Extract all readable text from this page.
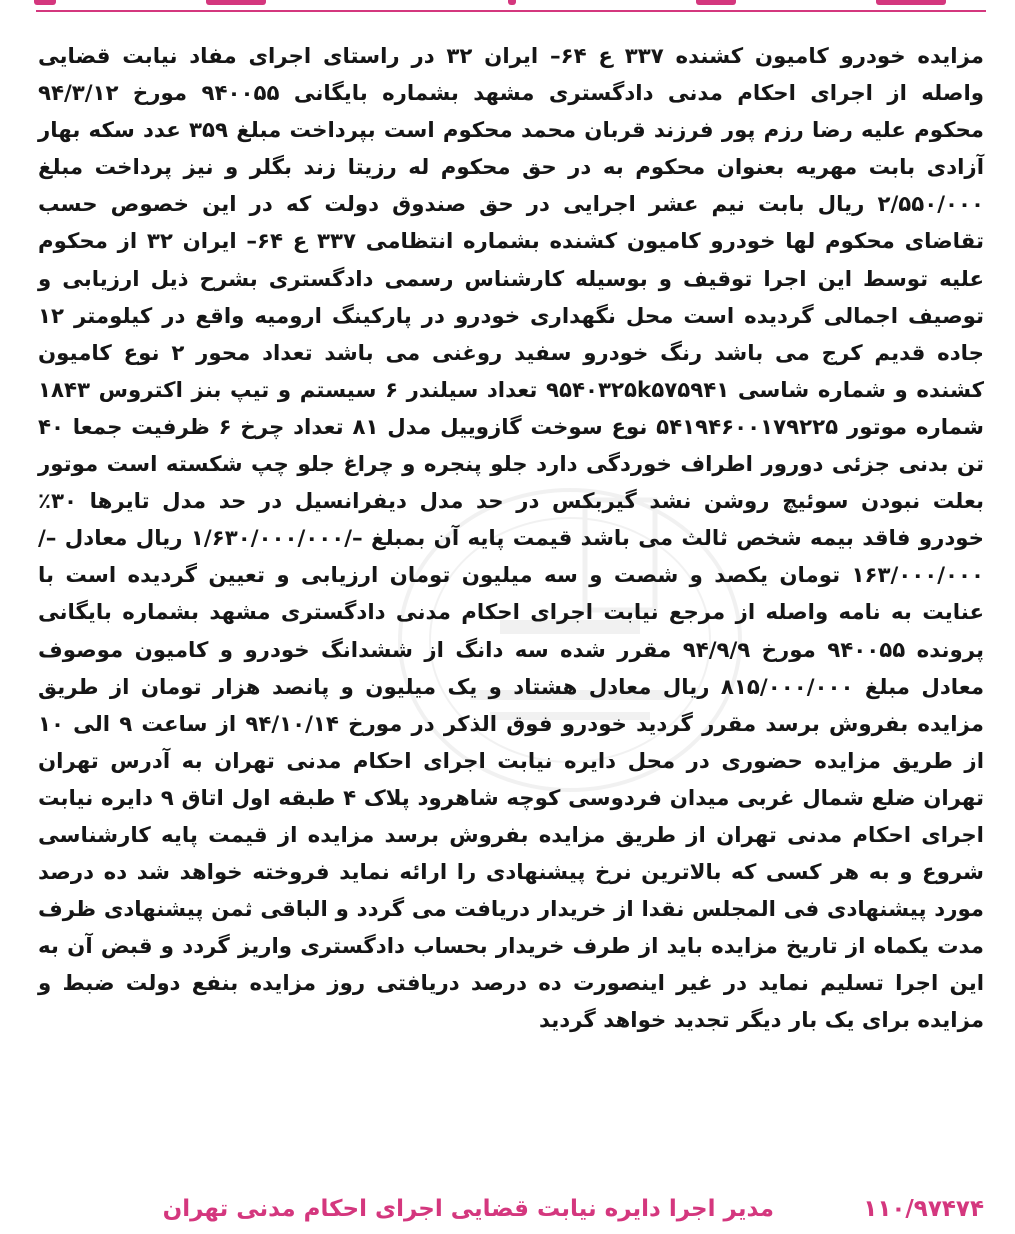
مزایده خودرو کامیون کشنده ۳۳۷ ع ۶۴– ایران ۳۲ در راستای اجرای مفاد نیابت قضایی واصله از اجرای احکام مدنی دادگستری مشهد بشماره بایگانی ۹۴۰۰۵۵ مورخ ۹۴/۳/۱۲ محکوم علیه رضا رزم پور فرزند قربان محمد محکوم است بپرداخت مبلغ ۳۵۹ عدد سکه بهار آزادی بابت مهریه بعنوان محکوم به در حق محکوم له رزیتا زند بگلر و نیز پرداخت مبلغ ۲/۵۵۰/۰۰۰ ریال بابت نیم عشر اجرایی در حق صندوق دولت که در این خصوص حسب تقاضای محکوم لها خودرو کامیون کشنده بشماره انتظامی ۳۳۷ ع ۶۴– ایران ۳۲ از محکوم علیه توسط این اجرا توقیف و بوسیله کارشناس رسمی دادگستری بشرح ذیل ارزیابی و توصیف اجمالی گردیده است محل نگهداری خودرو در پارکینگ ارومیه واقع در کیلومتر ۱۲ جاده قدیم کرج می باشد رنگ خودرو سفید روغنی می باشد تعداد محور ۲ نوع کامیون کشنده و شماره شاسی ۹۵۴۰۳۲۵k۵۷۵۹۴۱ تعداد سیلندر ۶ سیستم و تیپ بنز اکتروس ۱۸۴۳ شماره موتور ۵۴۱۹۴۶۰۰۱۷۹۲۲۵ نوع سوخت گازوییل مدل ۸۱ تعداد چرخ ۶ ظرفیت جمعا ۴۰ تن بدنی جزئی دورور اطراف خوردگی دارد جلو پنجره و چراغ جلو چپ شکسته است موتور بعلت نبودن سوئیچ روشن نشد گیربکس در حد مدل دیفرانسیل در حد مدل تایرها ۳۰٪ خودرو فاقد بیمه شخص ثالث می باشد قیمت پایه آن بمبلغ –/۱/۶۳۰/۰۰۰/۰۰۰ ریال معادل –/۱۶۳/۰۰۰/۰۰۰ تومان یکصد و شصت و سه میلیون تومان ارزیابی و تعیین گردیده است با عنایت به نامه واصله از مرجع نیابت اجرای احکام مدنی دادگستری مشهد بشماره بایگانی پرونده ۹۴۰۰۵۵ مورخ ۹۴/۹/۹ مقرر شده سه دانگ از ششدانگ خودرو و کامیون موصوف معادل مبلغ ۸۱۵/۰۰۰/۰۰۰ ریال معادل هشتاد و یک میلیون و پانصد هزار تومان از طریق مزایده بفروش برسد مقرر گردید خودرو فوق الذکر در مورخ ۹۴/۱۰/۱۴ از ساعت ۹ الی ۱۰ از طریق مزایده حضوری در محل دایره نیابت اجرای احکام مدنی تهران به آدرس تهران تهران ضلع شمال غربی میدان فردوسی کوچه شاهرود پلاک ۴ طبقه اول اتاق ۹ دایره نیابت اجرای احکام مدنی تهران از طریق مزایده بفروش برسد مزایده از قیمت پایه کارشناسی شروع و به هر کسی که بالاترین نرخ پیشنهادی را ارائه نماید فروخته خواهد شد ده درصد مورد پیشنهادی فی المجلس نقدا از خریدار دریافت می گردد و الباقی ثمن پیشنهادی ظرف مدت یکماه از تاریخ مزایده باید از طرف خریدار بحساب دادگستری واریز گردد و قبض آن به این اجرا تسلیم نماید در غیر اینصورت ده درصد دریافتی روز مزایده بنفع دولت ضبط و مزایده برای یک بار دیگر تجدید خواهد گردید

۱۱۰/۹۷۴۷۴
مدیر اجرا دایره نیابت قضایی اجرای احکام مدنی تهران
